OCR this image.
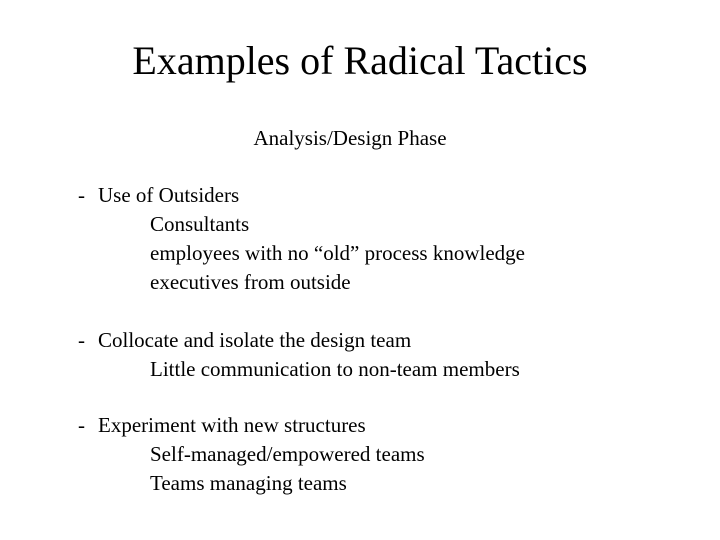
Examples of Radical Tactics
Analysis/Design Phase
- Use of Outsiders
Consultants
employees with no “old” process knowledge
executives from outside
- Collocate and isolate the design team
Little communication to non-team members
- Experiment with new structures
Self-managed/empowered teams
Teams managing teams
